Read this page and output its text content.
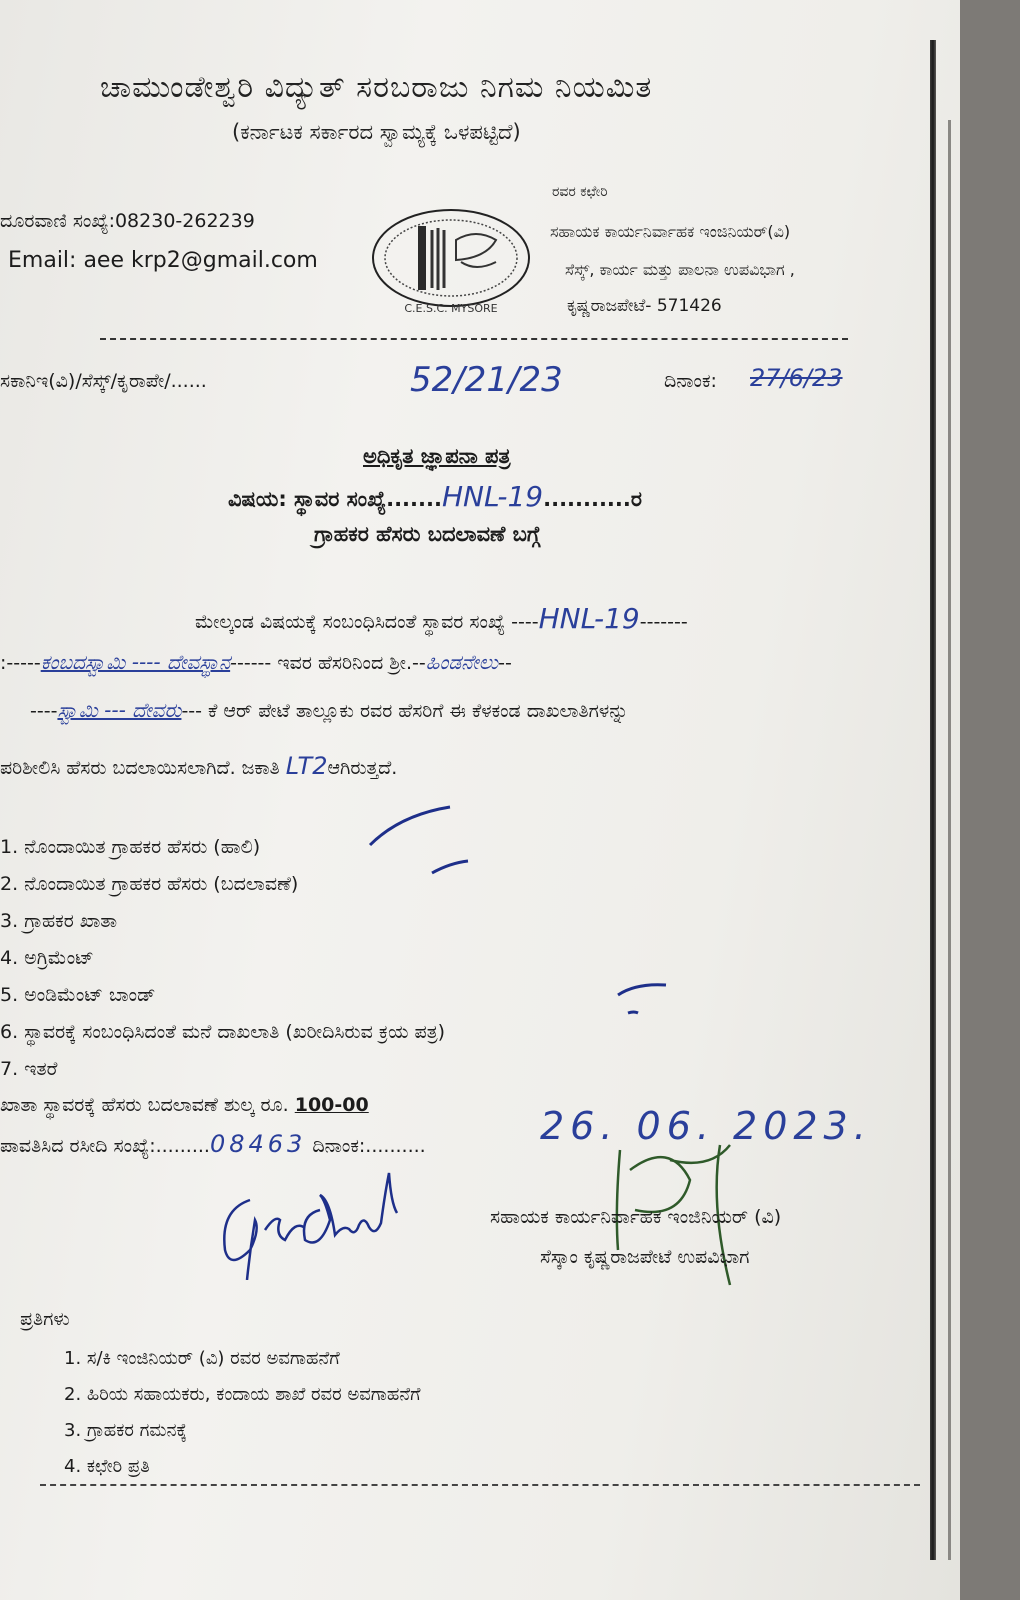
ಚಾಮುಂಡೇಶ್ವರಿ ವಿದ್ಯುತ್ ಸರಬರಾಜು ನಿಗಮ ನಿಯಮಿತ
(ಕರ್ನಾಟಕ ಸರ್ಕಾರದ ಸ್ವಾಮ್ಯಕ್ಕೆ ಒಳಪಟ್ಟಿದೆ)
ದೂರವಾಣಿ ಸಂಖ್ಯೆ:08230-262239
Email: aee krp2@gmail.com
C.E.S.C. MYSORE
ರವರ ಕಛೇರಿ
ಸಹಾಯಕ ಕಾರ್ಯನಿರ್ವಾಹಕ ಇಂಜಿನಿಯರ್(ವಿ)
ಸೆಸ್ಕ್, ಕಾರ್ಯ ಮತ್ತು ಪಾಲನಾ ಉಪವಿಭಾಗ ,
ಕೃಷ್ಣರಾಜಪೇಟೆ- 571426
ಸಕಾನಿಇ(ವಿ)/ಸೆಸ್ಕ್/ಕೃರಾಪೇ/......	52/21/23	ದಿನಾಂಕ: 27/6/23
ಅಧಿಕೃತ ಜ್ಞಾಪನಾ ಪತ್ರ
ವಿಷಯ: ಸ್ಥಾವರ ಸಂಖ್ಯೆ.......HNL-19...........ರ
ಗ್ರಾಹಕರ ಹೆಸರು ಬದಲಾವಣೆ ಬಗ್ಗೆ
ಮೇಲ್ಕಂಡ ವಿಷಯಕ್ಕೆ ಸಂಬಂಧಿಸಿದಂತೆ ಸ್ಥಾವರ ಸಂಖ್ಯೆ ----HNL-19-------
:-----ಕಂಬದಸ್ವಾಮಿ ---- ದೇವಸ್ಥಾನ------ ಇವರ ಹೆಸರಿನಿಂದ ಶ್ರೀ.--ಹಿಂಡನೇಲು--
----ಸ್ವಾಮಿ --- ದೇವರು--- ಕೆ ಆರ್ ಪೇಟೆ ತಾಲ್ಲೂಕು ರವರ ಹೆಸರಿಗೆ ಈ ಕೆಳಕಂಡ ದಾಖಲಾತಿಗಳನ್ನು
ಪರಿಶೀಲಿಸಿ ಹೆಸರು ಬದಲಾಯಿಸಲಾಗಿದೆ. ಜಕಾತಿ LT2ಆಗಿರುತ್ತದೆ.
1. ನೊಂದಾಯಿತ ಗ್ರಾಹಕರ ಹೆಸರು (ಹಾಲಿ)
2. ನೊಂದಾಯಿತ ಗ್ರಾಹಕರ ಹೆಸರು (ಬದಲಾವಣೆ)
3. ಗ್ರಾಹಕರ ಖಾತಾ
4. ಅಗ್ರಿಮೆಂಟ್
5. ಅಂಡಿಮೆಂಟ್ ಬಾಂಡ್
6. ಸ್ಥಾವರಕ್ಕೆ ಸಂಬಂಧಿಸಿದಂತೆ ಮನೆ ದಾಖಲಾತಿ (ಖರೀದಿಸಿರುವ ಕ್ರಯ ಪತ್ರ)
7. ಇತರೆ
ಖಾತಾ ಸ್ಥಾವರಕ್ಕೆ ಹೆಸರು ಬದಲಾವಣೆ ಶುಲ್ಕ ರೂ. 100-00
ಪಾವತಿಸಿದ ರಸೀದಿ ಸಂಖ್ಯೆ:.........08463 ದಿನಾಂಕ:..........	26. 06. 2023.
ಸಹಾಯಕ ಕಾರ್ಯನಿರ್ವಾಹಕ ಇಂಜಿನಿಯರ್ (ವಿ)
ಸೆಸ್ಕಾಂ ಕೃಷ್ಣರಾಜಪೇಟೆ ಉಪವಿಭಾಗ
ಪ್ರತಿಗಳು
1. ಸ/ಕಿ ಇಂಜಿನಿಯರ್ (ವಿ) ರವರ ಅವಗಾಹನೆಗೆ
2. ಹಿರಿಯ ಸಹಾಯಕರು, ಕಂದಾಯ ಶಾಖೆ ರವರ ಅವಗಾಹನೆಗೆ
3. ಗ್ರಾಹಕರ ಗಮನಕ್ಕೆ
4. ಕಛೇರಿ ಪ್ರತಿ
